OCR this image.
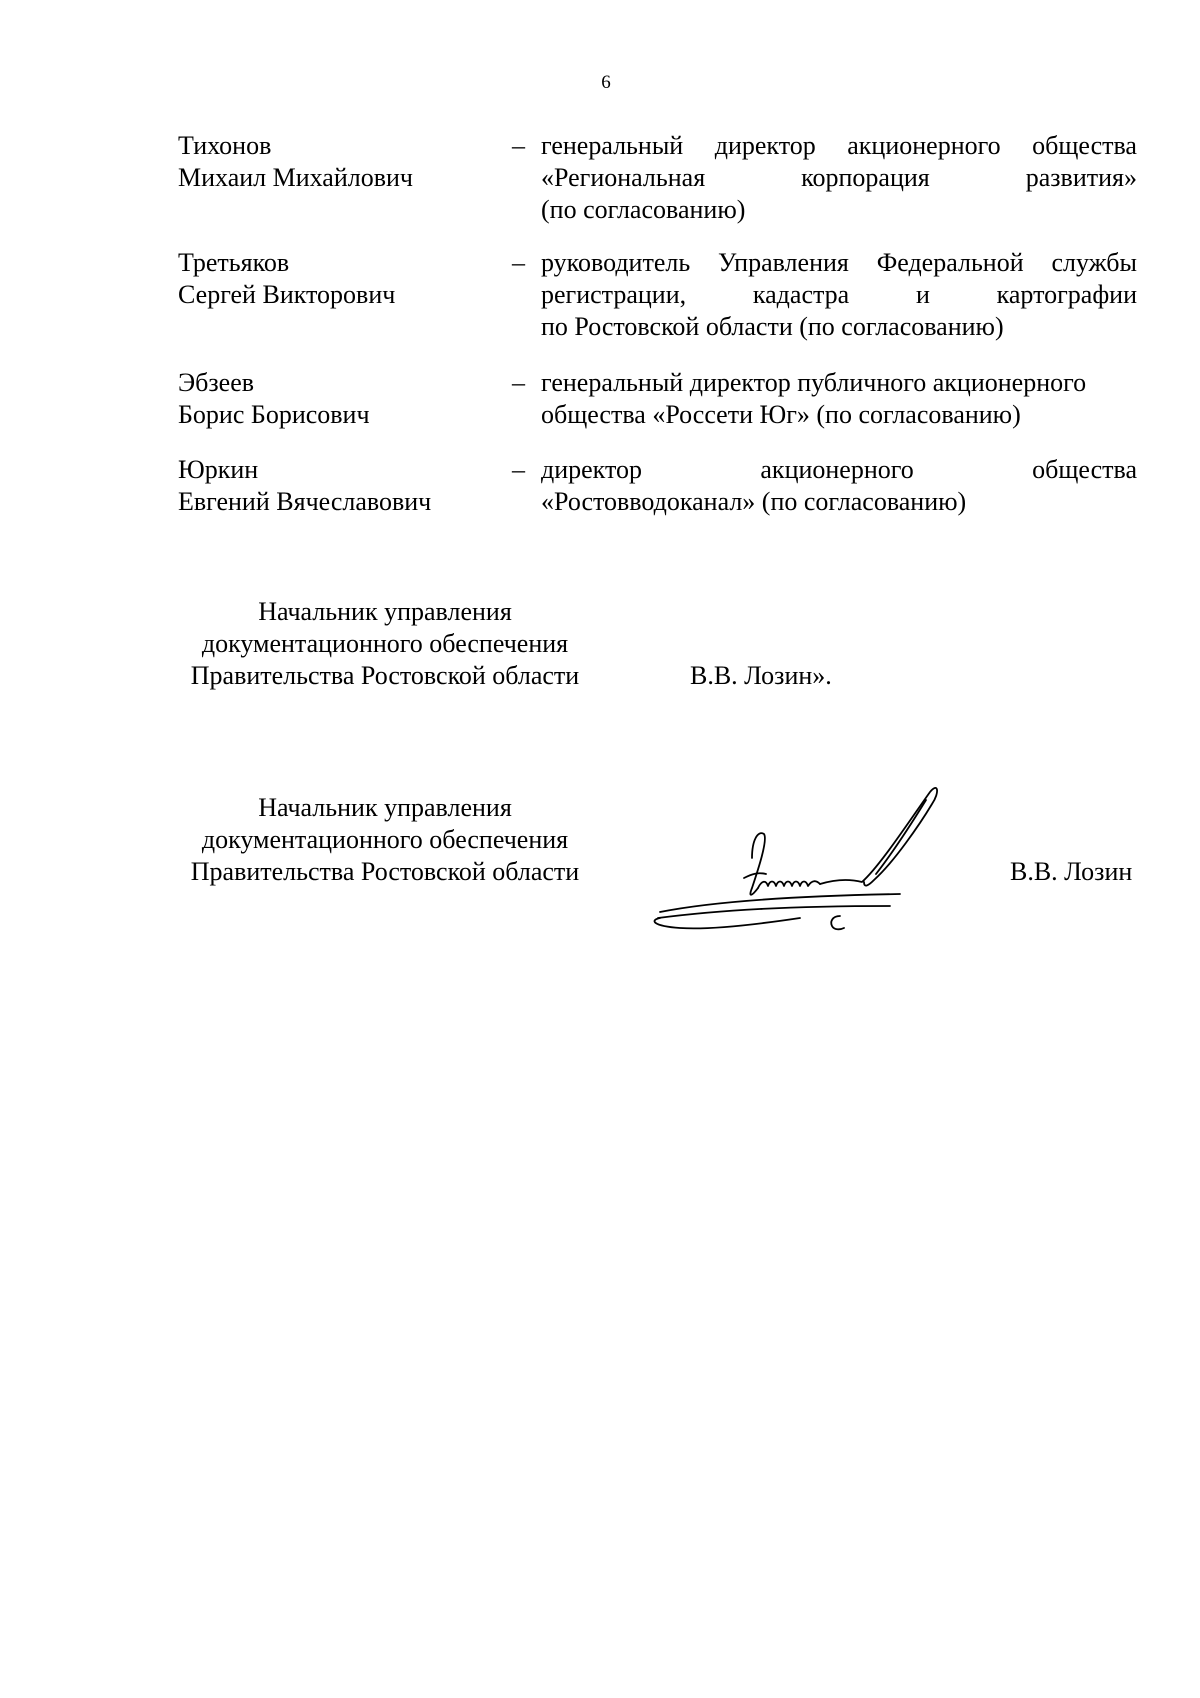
6
Тихонов
Михаил Михайлович
– генеральный директор акционерного общества
«Региональная	корпорация	развития»
(по согласованию)
Третьяков
Сергей Викторович
– руководитель Управления Федеральной службы
регистрации,	кадастра	и	картографии
по Ростовской области (по согласованию)
Эбзеев
Борис Борисович
– генеральный директор публичного акционерного
общества «Россети Юг» (по согласованию)
Юркин
Евгений Вячеславович
– директор	акционерного	общества
«Ростовводоканал» (по согласованию)
Начальник управления
документационного обеспечения
Правительства Ростовской области	В.В. Лозин».
Начальник управления
документационного обеспечения
Правительства Ростовской области	В.В. Лозин
